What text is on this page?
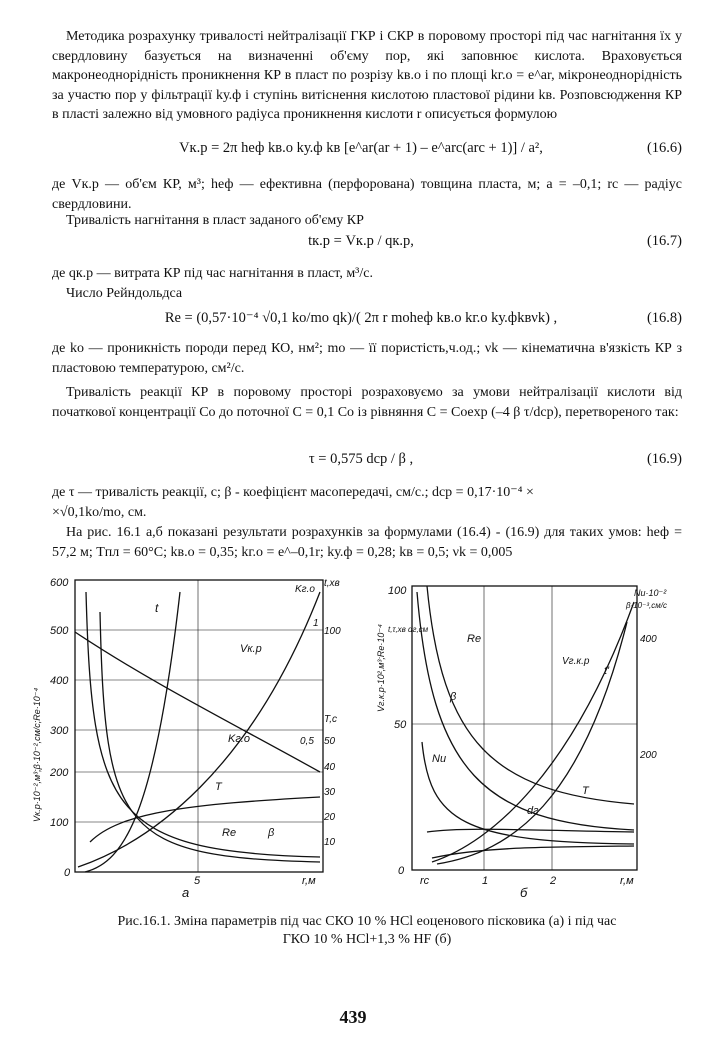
Методика розрахунку тривалості нейтралізації ГКР і СКР в поровому просторі під час нагнітання їх у свердловину базується на визначенні об'єму пор, які заповнює кислота. Враховується макронеоднорідність проникнення КР в пласт по розрізу kв.о і по площі kг.о = e^ar, мікронеоднорідність за участю пор у фільтрації kу.ф і ступінь витіснення кислотою пластової рідини kв. Розповсюдження КР в пласті залежно від умовного радіуса проникнення кислоти r описується формулою

Vк.р = 2π hеф kв.о kу.ф kв [e^ar(ar + 1) – e^arс(arс + 1)] / a²,	(16.6)

де Vк.р — об'єм КР, м³; hеф — ефективна (перфорована) товщина пласта, м; a = –0,1; rс — радіус свердловини.

Тривалість нагнітання в пласт заданого об'єму КР

tк.р = Vк.р / qк.р,	(16.7)

де qк.р — витрата КР під час нагнітання в пласт, м³/с.

Число Рейндольдса

Re = (0,57·10⁻⁴ √0,1 kо/mо qk)/( 2π r mоhеф kв.о kг.о kу.фkвνk) ,	(16.8)

де kо — проникність породи перед КО, нм²; mо — її пористість,ч.од.; νk — кінематична в'язкість КР з пластовою температурою, см²/с.

Тривалість реакції КР в поровому просторі розраховуємо за умови нейтралізації кислоти від початкової концентрації Cо до поточної C = 0,1 Cо із рівняння C = Cоexp (–4 β τ/dср), перетвореного так:

τ = 0,575 dср / β ,	(16.9)

де τ — тривалість реакції, с; β - коефіцієнт масопередачі, см/с.; dср = 0,17·10⁻⁴ ×

×√0,1kо/mо, см.

На рис. 16.1 а,б показані результати розрахунків за формулами (16.4) - (16.9) для таких умов: hеф = 57,2 м; Tпл = 60°C; kв.о = 0,35; kг.о = e^–0,1r; kу.ф = 0,28; kв = 0,5; νk = 0,005

600
500
400
300
200
100
0
5	r,м
а
Vк.р·10⁻²,м³;β·10⁻²,см/с;Re·10⁻⁴
t,хв
Kг.о
1
100
T,с
0,5 50
40
30
20
10
t
Vк.р
Kг.о
T
Re	β
100
50
0
rс	1	2	r,м
б
Vг.к.р·10²,м³;Re·10⁻⁴ t,τ,хв dг,см
Nu·10⁻²
β·10⁻³,см/с
400
200
Re
Vг.к.р
t'
β
Nu
T
dг
Рис.16.1. Зміна параметрів під час СКО 10 % HCl еоценового пісковика (а) і під час
ГКО 10 % HCl+1,3 % HF (б)
439
